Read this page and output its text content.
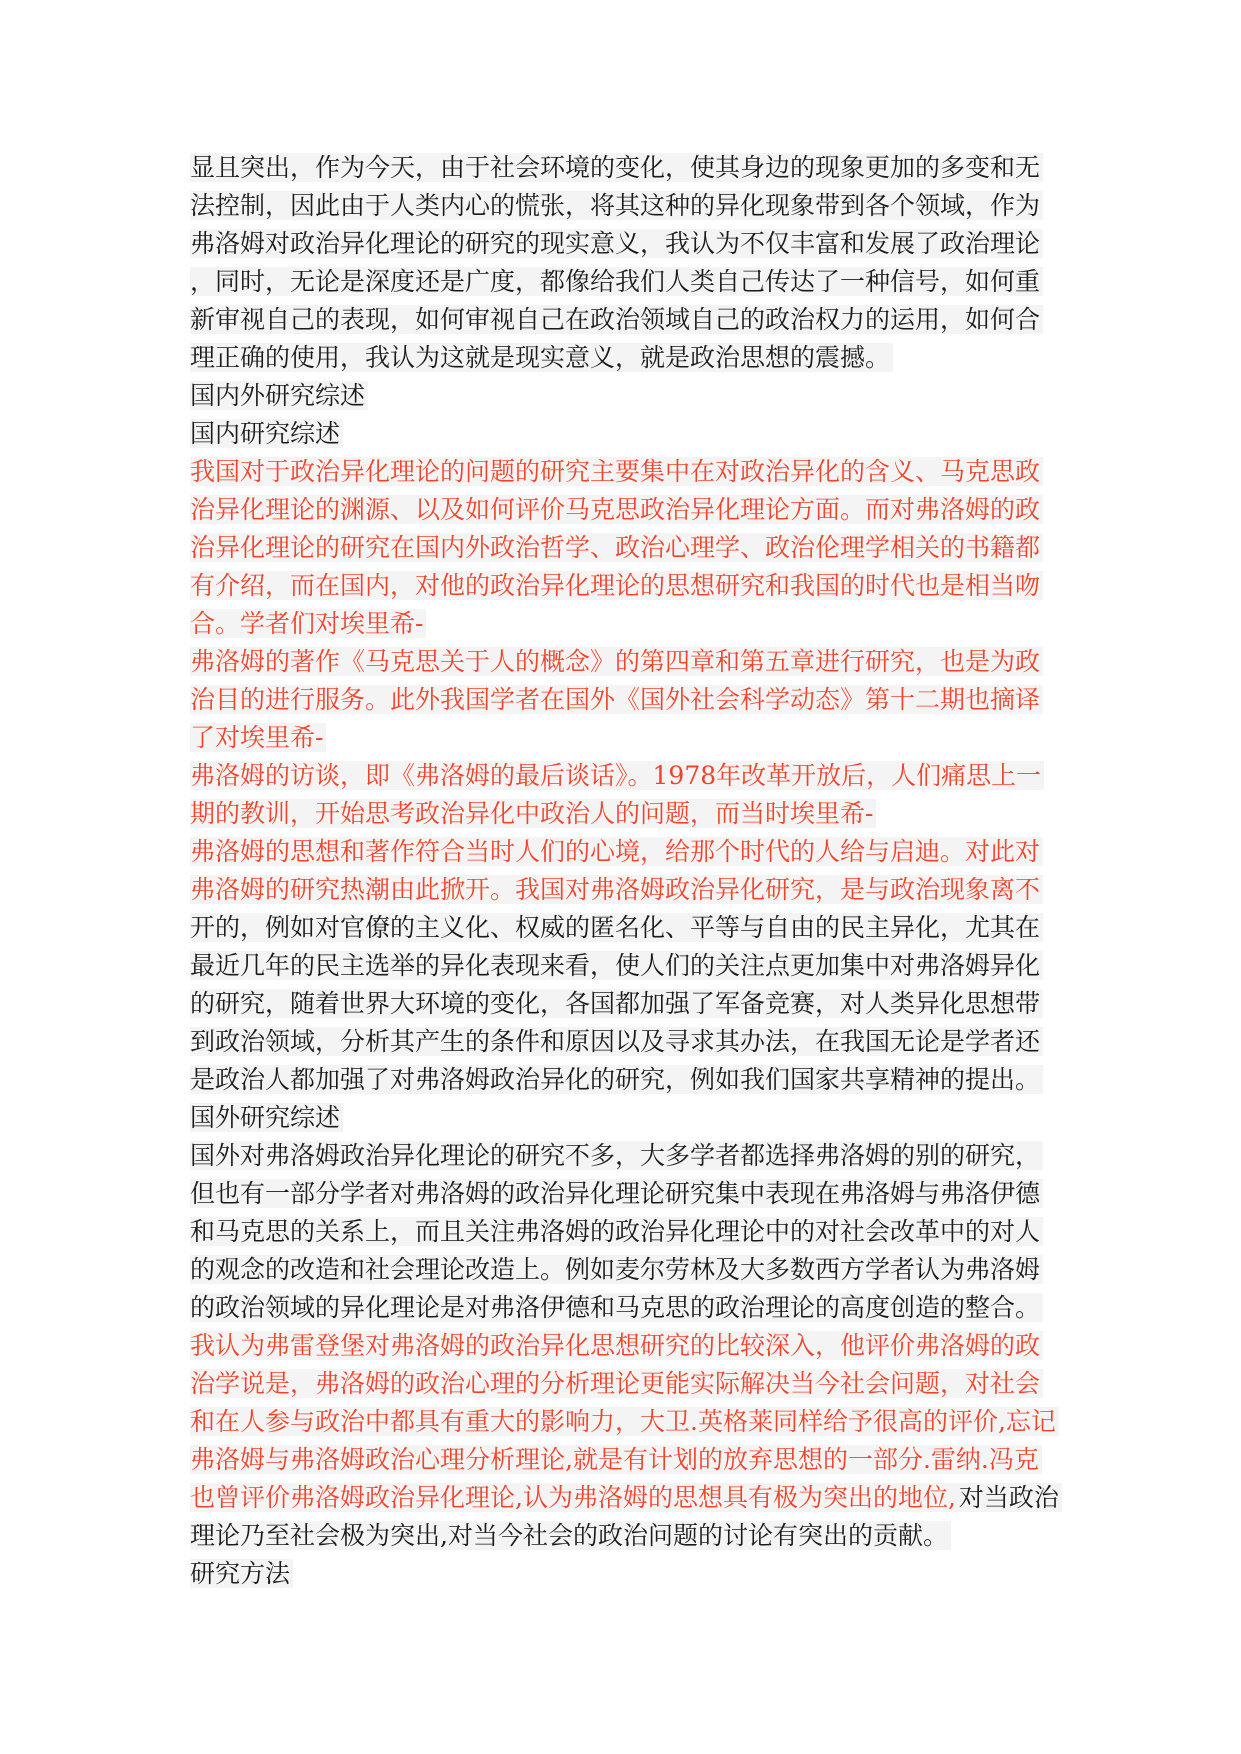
显且突出，作为今天，由于社会环境的变化，使其身边的现象更加的多变和无
法控制，因此由于人类内心的慌张，将其这种的异化现象带到各个领域，作为
弗洛姆对政治异化理论的研究的现实意义，我认为不仅丰富和发展了政治理论
，同时，无论是深度还是广度，都像给我们人类自己传达了一种信号，如何重
新审视自己的表现，如何审视自己在政治领域自己的政治权力的运用，如何合
理正确的使用，我认为这就是现实意义，就是政治思想的震撼。
国内外研究综述
国内研究综述
我国对于政治异化理论的问题的研究主要集中在对政治异化的含义、马克思政
治异化理论的渊源、以及如何评价马克思政治异化理论方面。而对弗洛姆的政
治异化理论的研究在国内外政治哲学、政治心理学、政治伦理学相关的书籍都
有介绍，而在国内，对他的政治异化理论的思想研究和我国的时代也是相当吻
合。学者们对埃里希-
弗洛姆的著作《马克思关于人的概念》的第四章和第五章进行研究，也是为政
治目的进行服务。此外我国学者在国外《国外社会科学动态》第十二期也摘译
了对埃里希-
弗洛姆的访谈，即《弗洛姆的最后谈话》。1978年改革开放后，人们痛思上一
期的教训，开始思考政治异化中政治人的问题，而当时埃里希-
弗洛姆的思想和著作符合当时人们的心境，给那个时代的人给与启迪。对此对
弗洛姆的研究热潮由此掀开。我国对弗洛姆政治异化研究，是与政治现象离不
开的，例如对官僚的主义化、权威的匿名化、平等与自由的民主异化，尤其在
最近几年的民主选举的异化表现来看，使人们的关注点更加集中对弗洛姆异化
的研究，随着世界大环境的变化，各国都加强了军备竞赛，对人类异化思想带
到政治领域，分析其产生的条件和原因以及寻求其办法，在我国无论是学者还
是政治人都加强了对弗洛姆政治异化的研究，例如我们国家共享精神的提出。
国外研究综述
国外对弗洛姆政治异化理论的研究不多，大多学者都选择弗洛姆的别的研究，
但也有一部分学者对弗洛姆的政治异化理论研究集中表现在弗洛姆与弗洛伊德
和马克思的关系上，而且关注弗洛姆的政治异化理论中的对社会改革中的对人
的观念的改造和社会理论改造上。例如麦尔劳林及大多数西方学者认为弗洛姆
的政治领域的异化理论是对弗洛伊德和马克思的政治理论的高度创造的整合。
我认为弗雷登堡对弗洛姆的政治异化思想研究的比较深入，他评价弗洛姆的政
治学说是，弗洛姆的政治心理的分析理论更能实际解决当今社会问题，对社会
和在人参与政治中都具有重大的影响力，大卫.英格莱同样给予很高的评价,忘记
弗洛姆与弗洛姆政治心理分析理论,就是有计划的放弃思想的一部分.雷纳.冯克
也曾评价弗洛姆政治异化理论,认为弗洛姆的思想具有极为突出的地位, 对当政治
理论乃至社会极为突出,对当今社会的政治问题的讨论有突出的贡献。
研究方法
